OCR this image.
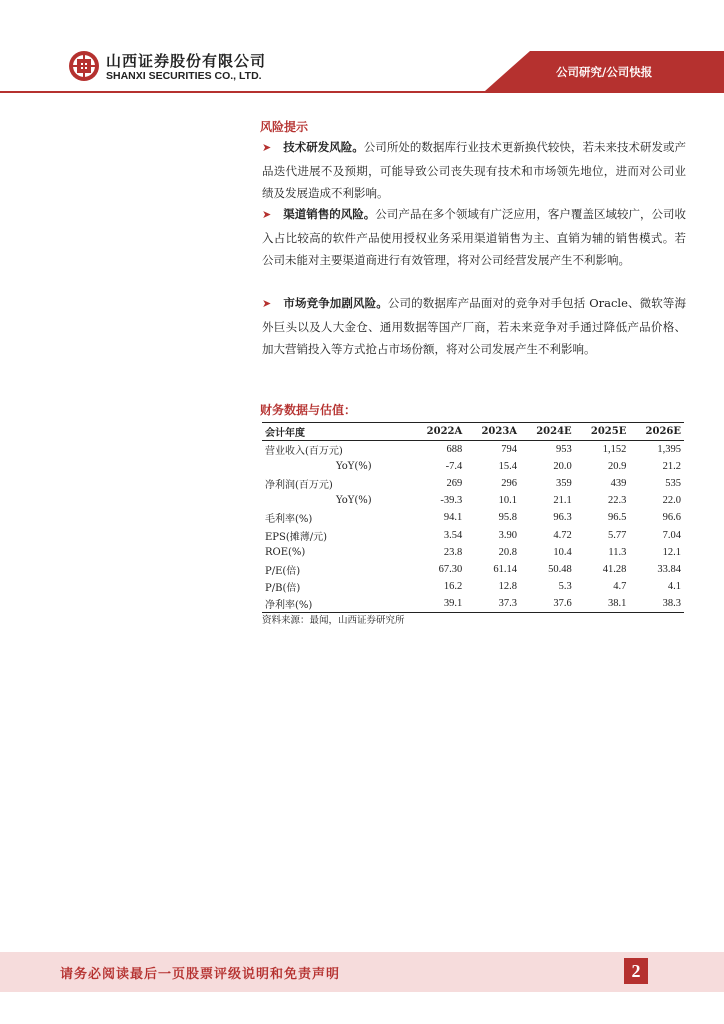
山西证券股份有限公司
SHANXI SECURITIES CO., LTD.	公司研究/公司快报
风险提示
➤ 技术研发风险。公司所处的数据库行业技术更新换代较快，若未来技术研发或产品迭代进展不及预期，可能导致公司丧失现有技术和市场领先地位，进而对公司业绩及发展造成不利影响。
➤ 渠道销售的风险。公司产品在多个领域有广泛应用，客户覆盖区域较广，公司收入占比较高的软件产品使用授权业务采用渠道销售为主、直销为辅的销售模式。若公司未能对主要渠道商进行有效管理，将对公司经营发展产生不利影响。
➤ 市场竞争加剧风险。公司的数据库产品面对的竞争对手包括 Oracle、微软等海外巨头以及人大金仓、通用数据等国产厂商，若未来竞争对手通过降低产品价格、加大营销投入等方式抢占市场份额，将对公司发展产生不利影响。
财务数据与估值：
会计年度	2022A	2023A	2024E	2025E	2026E
营业收入(百万元)	688	794	953	1,152	1,395
YoY(%)	-7.4	15.4	20.0	20.9	21.2
净利润(百万元)	269	296	359	439	535
YoY(%)	-39.3	10.1	21.1	22.3	22.0
毛利率(%)	94.1	95.8	96.3	96.5	96.6
EPS(摊薄/元)	3.54	3.90	4.72	5.77	7.04
ROE(%)	23.8	20.8	10.4	11.3	12.1
P/E(倍)	67.30	61.14	50.48	41.28	33.84
P/B(倍)	16.2	12.8	5.3	4.7	4.1
净利率(%)	39.1	37.3	37.6	38.1	38.3
资料来源：最闻，山西证券研究所
请务必阅读最后一页股票评级说明和免责声明	2
